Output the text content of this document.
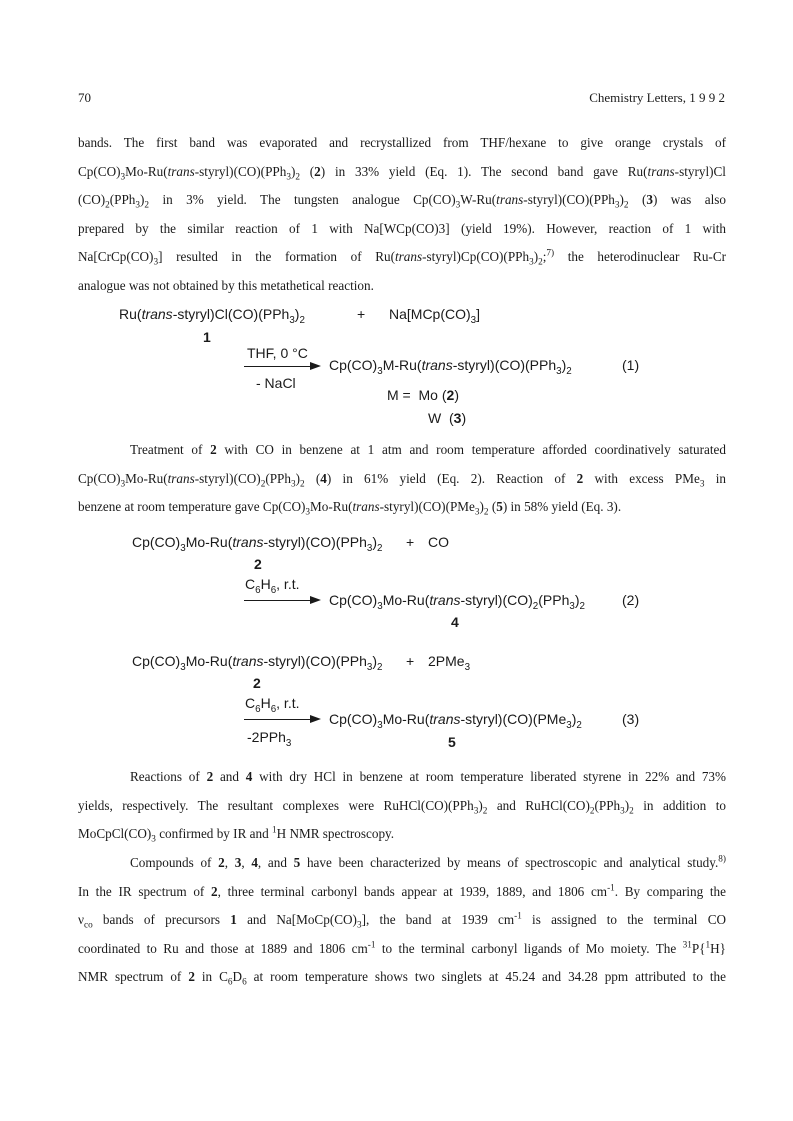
70	Chemistry Letters, 1 9 9 2
bands. The first band was evaporated and recrystallized from THF/hexane to give orange crystals of
$Cp(CO)_3Mo-Ru(trans-styryl)(CO)(PPh_3)_2$ (2) in 33% yield (Eq. 1). The second band gave Ru(trans-styryl)Cl
$(CO)_2(PPh_3)_2$ in 3% yield. The tungsten analogue $Cp(CO)_3W-Ru(trans-styryl)(CO)(PPh_3)_2$ (3) was also
prepared by the similar reaction of 1 with Na[WCp(CO)3] (yield 19%). However, reaction of 1 with
$Na[CrCp(CO)_3]$ resulted in the formation of $Ru(trans-styryl)Cp(CO)(PPh_3)_2;^{7)}$ the heterodinuclear Ru-Cr
analogue was not obtained by this metathetical reaction.
$Ru(trans-styryl)Cl(CO)(PPh_3)_2$	+ $Na[MCp(CO)_3]$
1
THF, 0 °C
- NaCl
$Cp(CO)_3M-Ru(trans-styryl)(CO)(PPh_3)_2$	(1)
M =  Mo (2)
W  (3)
Treatment of 2 with CO in benzene at 1 atm and room temperature afforded coordinatively saturated
$Cp(CO)_3Mo-Ru(trans-styryl)(CO)_2(PPh_3)_2$ (4) in 61% yield (Eq. 2). Reaction of 2 with excess PMe$_3$ in
benzene at room temperature gave $Cp(CO)_3Mo-Ru(trans-styryl)(CO)(PMe_3)_2$ (5) in 58% yield (Eq. 3).
$Cp(CO)_3Mo-Ru(trans-styryl)(CO)(PPh_3)_2$ + CO
2
$C_6H_6$, r.t.
$Cp(CO)_3Mo-Ru(trans-styryl)(CO)_2(PPh_3)_2$
4
(2)
$Cp(CO)_3Mo-Ru(trans-styryl)(CO)(PPh_3)_2 + 2PMe_3$
2
$C_6H_6$, r.t.
-2PPh$_3$
$Cp(CO)_3Mo-Ru(trans-styryl)(CO)(PMe_3)_2$
5
(3)
Reactions of 2 and 4 with dry HCl in benzene at room temperature liberated styrene in 22% and 73%
yields, respectively. The resultant complexes were $RuHCl(CO)(PPh_3)_2$ and $RuHCl(CO)_2(PPh_3)_2$ in addition to
$MoCpCl(CO)_3$ confirmed by IR and $^1$H NMR spectroscopy.
Compounds of 2, 3, 4, and 5 have been characterized by means of spectroscopic and analytical study.$^{8)}$
In the IR spectrum of 2, three terminal carbonyl bands appear at 1939, 1889, and 1806 $cm^{-1}$. By comparing the
$\nu_{co}$ bands of precursors 1 and $Na[MoCp(CO)_3]$, the band at 1939 $cm^{-1}$ is assigned to the terminal CO
coordinated to Ru and those at 1889 and 1806 $cm^{-1}$ to the terminal carbonyl ligands of Mo moiety. The $^{31}$P{$^1$H}
NMR spectrum of 2 in $C_6D_6$ at room temperature shows two singlets at 45.24 and 34.28 ppm attributed to the
